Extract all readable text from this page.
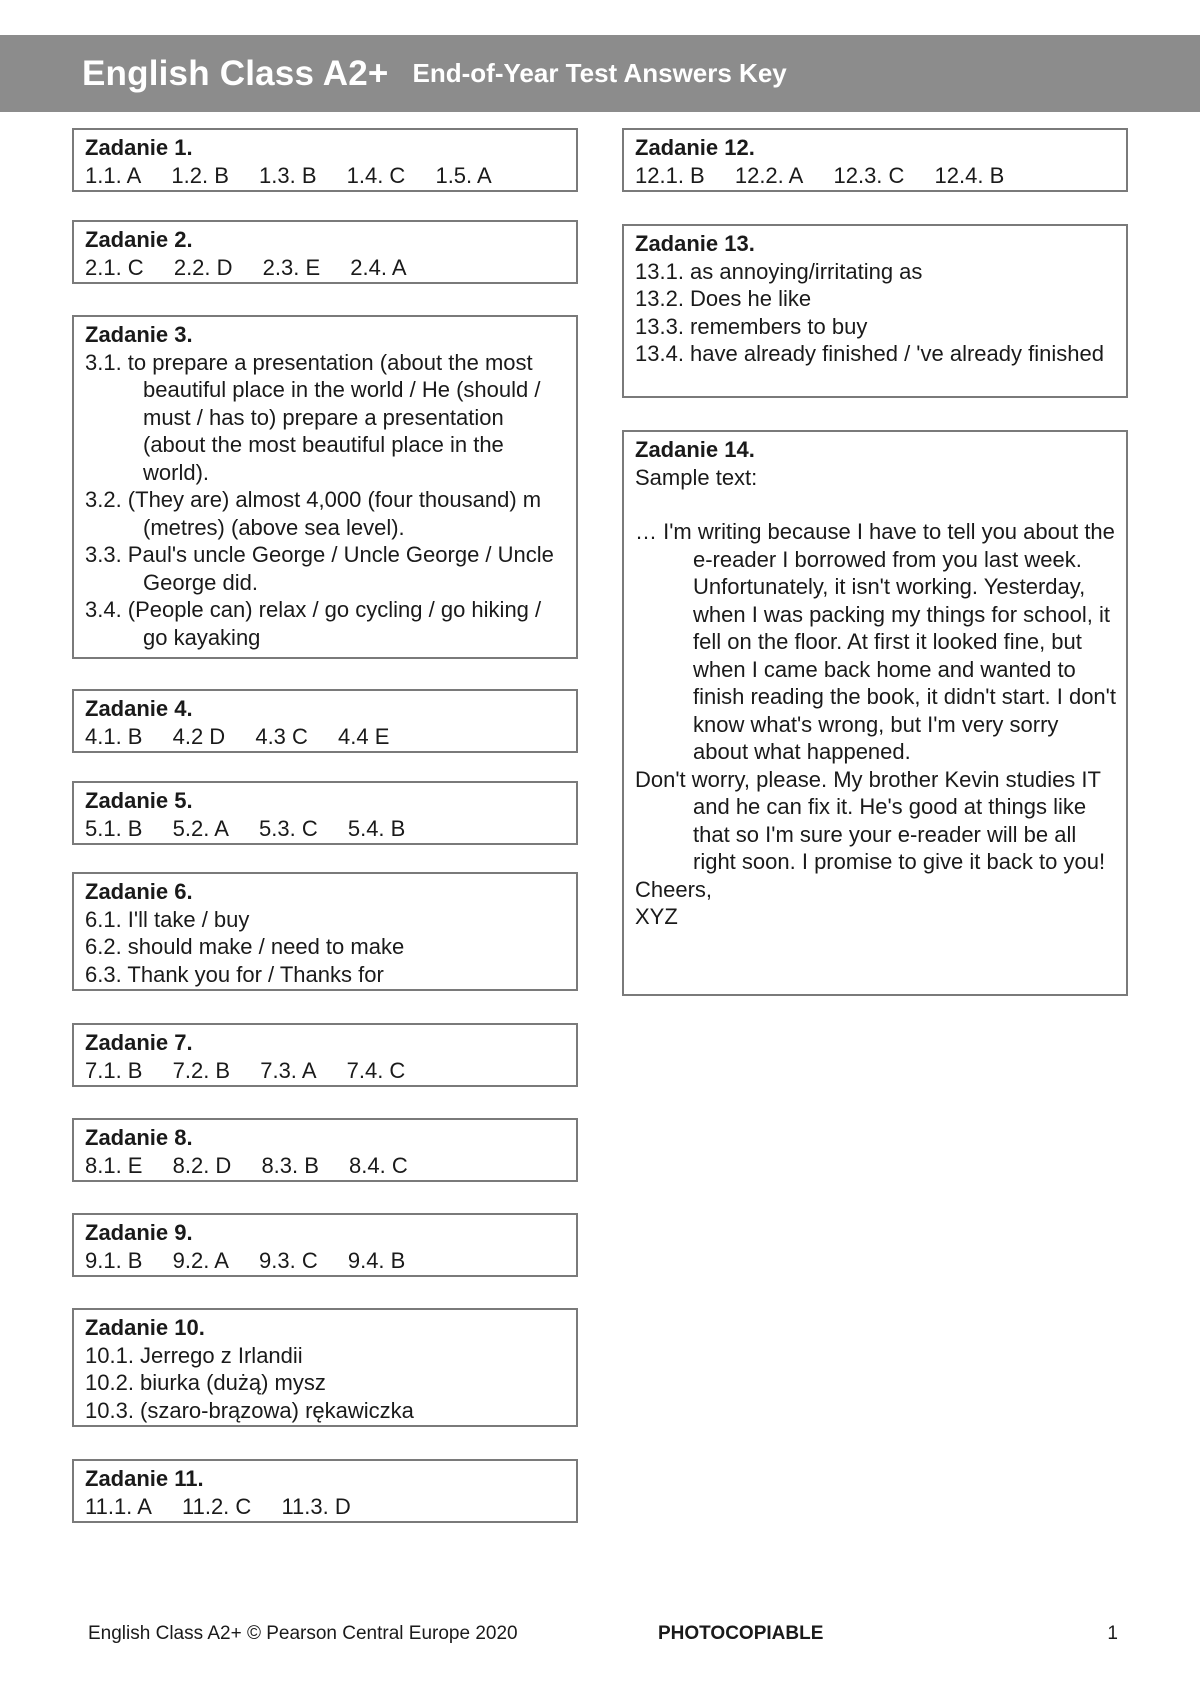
English Class A2+ End-of-Year Test Answers Key
Zadanie 1.
1.1. A 1.2. B 1.3. B 1.4. C 1.5. A
Zadanie 2.
2.1. C 2.2. D 2.3. E 2.4. A
Zadanie 3.
3.1. to prepare a presentation (about the most beautiful place in the world / He (should / must / has to) prepare a presentation (about the most beautiful place in the world).
3.2. (They are) almost 4,000 (four thousand) m (metres) (above sea level).
3.3. Paul's uncle George / Uncle George / Uncle George did.
3.4. (People can) relax / go cycling / go hiking / go kayaking
Zadanie 4.
4.1. B 4.2 D 4.3 C 4.4 E
Zadanie 5.
5.1. B 5.2. A 5.3. C 5.4. B
Zadanie 6.
6.1. I'll take / buy
6.2. should make / need to make
6.3. Thank you for / Thanks for
Zadanie 7.
7.1. B 7.2. B 7.3. A 7.4. C
Zadanie 8.
8.1. E 8.2. D 8.3. B 8.4. C
Zadanie 9.
9.1. B 9.2. A 9.3. C 9.4. B
Zadanie 10.
10.1. Jerrego z Irlandii
10.2. biurka (dużą) mysz
10.3. (szaro-brązowa) rękawiczka
Zadanie 11.
11.1. A 11.2. C 11.3. D
Zadanie 12.
12.1. B 12.2. A 12.3. C 12.4. B
Zadanie 13.
13.1. as annoying/irritating as
13.2. Does he like
13.3. remembers to buy
13.4. have already finished / 've already finished
Zadanie 14.
Sample text:
… I'm writing because I have to tell you about the e-reader I borrowed from you last week. Unfortunately, it isn't working. Yesterday, when I was packing my things for school, it fell on the floor. At first it looked fine, but when I came back home and wanted to finish reading the book, it didn't start. I don't know what's wrong, but I'm very sorry about what happened.
Don't worry, please. My brother Kevin studies IT and he can fix it. He's good at things like that so I'm sure your e-reader will be all right soon. I promise to give it back to you!
Cheers,
XYZ
English Class A2+ © Pearson Central Europe 2020	PHOTOCOPIABLE	1
